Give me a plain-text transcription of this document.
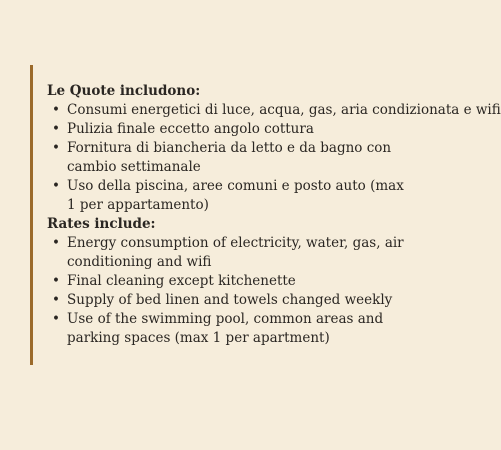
Le Quote includono:
• Consumi energetici di luce, acqua, gas, aria condizionata e wifi
• Pulizia finale eccetto angolo cottura
• Fornitura di biancheria da letto e da bagno con cambio settimanale
• Uso della piscina, aree comuni e posto auto (max 1 per appartamento)
Rates include:
• Energy consumption of electricity, water, gas, air conditioning and wifi
• Final cleaning except kitchenette
• Supply of bed linen and towels changed weekly
• Use of the swimming pool, common areas and parking spaces (max 1 per apartment)
